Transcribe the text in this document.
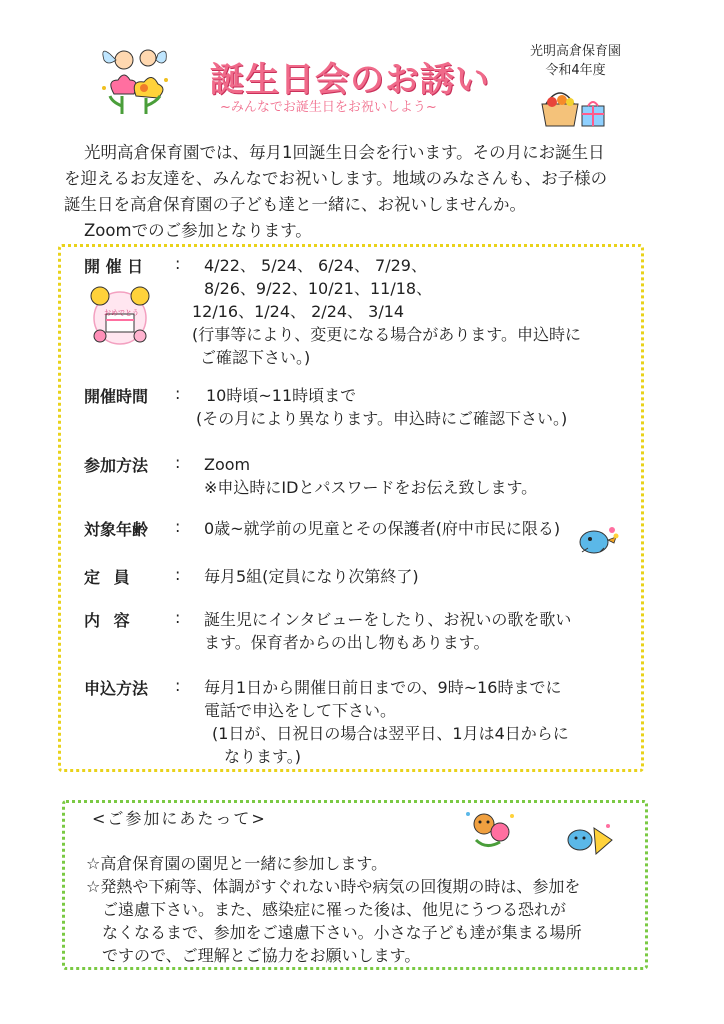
誕生日会のお誘い
~みんなでお誕生日をお祝いしよう~
光明高倉保育園
令和4年度

光明高倉保育園では、毎月1回誕生日会を行います。その月にお誕生日

を迎えるお友達を、みんなでお祝いします。地域のみなさんも、お子様の

誕生日を高倉保育園の子ども達と一緒に、お祝いしませんか。

Zoomでのご参加となります。

おめでとう
開 催 日	:	4/22、 5/24、 6/24、 7/29、
8/26、9/22、10/21、11/18、
12/16、1/24、 2/24、 3/14
(行事等により、変更になる場合があります。申込時に
ご確認下さい。)
開催時間	:	10時頃~11時頃まで
(その月により異なります。申込時にご確認下さい。)
参加方法	:	Zoom
※申込時にIDとパスワードをお伝え致します。
対象年齢	:	0歳~就学前の児童とその保護者(府中市民に限る)
定 員	:	毎月5組(定員になり次第終了)
内 容	:	誕生児にインタビューをしたり、お祝いの歌を歌い
ます。保育者からの出し物もあります。
申込方法	:	毎月1日から開催日前日までの、9時~16時までに
電話で申込をして下さい。
(1日が、日祝日の場合は翌平日、1月は4日からに
なります。)
<ご参加にあたって>
☆高倉保育園の園児と一緒に参加します。
☆発熱や下痢等、体調がすぐれない時や病気の回復期の時は、参加を
ご遠慮下さい。また、感染症に罹った後は、他児にうつる恐れが
なくなるまで、参加をご遠慮下さい。小さな子ども達が集まる場所
ですので、ご理解とご協力をお願いします。
